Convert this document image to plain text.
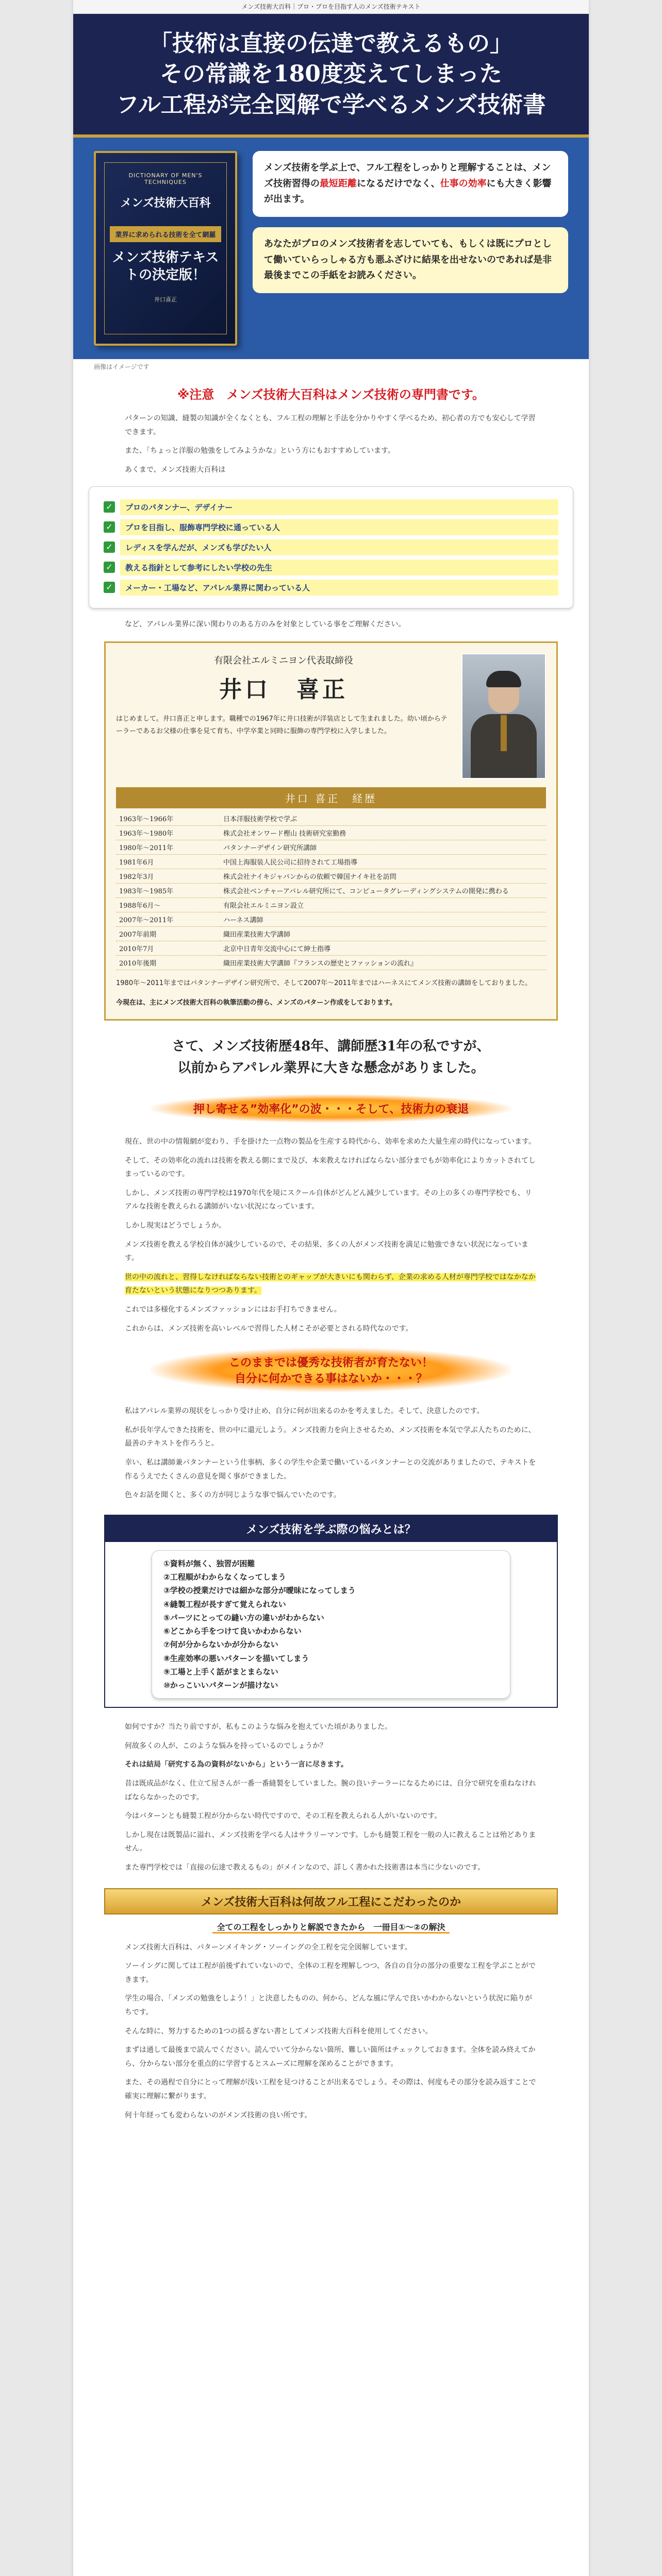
メンズ技術大百科｜プロ・プロを目指す人のメンズ技術テキスト
「技術は直接の伝達で教えるもの」
その常識を180度変えてしまった
フル工程が完全図解で学べるメンズ技術書
DICTIONARY OF MEN'S TECHNIQUES
メンズ技術大百科
業界に求められる技術を全て網羅
メンズ技術テキストの決定版！
井口喜正
メンズ技術を学ぶ上で、フル工程をしっかりと理解することは、メンズ技術習得の最短距離になるだけでなく、仕事の効率にも大きく影響が出ます。
あなたがプロのメンズ技術者を志していても、もしくは既にプロとして働いていらっしゃる方も悪ふざけに結果を出せないのであれば是非最後までこの手紙をお読みください。
画像はイメージです
※注意　メンズ技術大百科はメンズ技術の専門書です。

パターンの知識、縫製の知識が全くなくとも、フル工程の理解と手法を分かりやすく学べるため、初心者の方でも安心して学習できます。

また、「ちょっと洋服の勉強をしてみようかな」という方にもおすすめしています。

あくまで、メンズ技術大百科は

✓	プロのパタンナー、デザイナー
✓	プロを目指し、服飾専門学校に通っている人
✓	レディスを学んだが、メンズも学びたい人
✓	教える指針として参考にしたい学校の先生
✓	メーカー・工場など、アパレル業界に関わっている人

など、アパレル業界に深い関わりのある方のみを対象としている事をご理解ください。

有限会社エルミニヨン代表取締役
井口　喜正
はじめまして。井口喜正と申します。職種での1967年に井口技術が洋装店として生まれました。幼い頃からテーラーであるお父様の仕事を見て育ち、中学卒業と同時に服飾の専門学校に入学しました。
井口 喜正　経歴
1963年〜1966年	日本洋服技術学校で学ぶ
1963年〜1980年	株式会社オンワード樫山 技術研究室勤務
1980年〜2011年	パタンナーデザイン研究所講師
1981年6月	中国上海服装人民公司に招待されて工場指導
1982年3月	株式会社ナイキジャパンからの依頼で韓国ナイキ社を訪問
1983年〜1985年	株式会社ベンチャーアパレル研究所にて、コンピュータグレーディングシステムの開発に携わる
1988年6月〜	有限会社エルミニヨン設立
2007年〜2011年	ハーネス講師
2007年前期	織田産業技術大学講師
2010年7月	北京中日青年交流中心にて紳士指導
2010年後期	織田産業技術大学講師『フランスの歴史とファッションの流れ』
1980年〜2011年まではパタンナーデザイン研究所で、そして2007年〜2011年まではハーネスにてメンズ技術の講師をしておりました。
今現在は、主にメンズ技術大百科の執筆活動の傍ら、メンズのパターン作成をしております。
さて、メンズ技術歴48年、講師歴31年の私ですが、
以前からアパレル業界に大きな懸念がありました。
押し寄せる”効率化”の波・・・そして、技術力の衰退

現在、世の中の情報網が変わり、手を掛けた一点物の製品を生産する時代から、効率を求めた大量生産の時代になっています。

そして、その効率化の流れは技術を教える側にまで及び、本来教えなければならない部分までもが効率化によりカットされてしまっているのです。

しかし、メンズ技術の専門学校は1970年代を境にスクール自体がどんどん減少しています。その上の多くの専門学校でも、リアルな技術を教えられる講師がいない状況になっています。

しかし現実はどうでしょうか。

メンズ技術を教える学校自体が減少しているので、その結果、多くの人がメンズ技術を満足に勉強できない状況になっています。

世の中の流れと、習得しなければならない技術とのギャップが大きいにも関わらず、企業の求める人材が専門学校ではなかなか育たないという状態になりつつあります。

これでは多様化するメンズファッションにはお手打ちできません。

これからは、メンズ技術を高いレベルで習得した人材こそが必要とされる時代なのです。

このままでは優秀な技術者が育たない！
自分に何かできる事はないか・・・？

私はアパレル業界の現状をしっかり受け止め、自分に何が出来るのかを考えました。そして、決意したのです。

私が長年学んできた技術を、世の中に還元しよう。メンズ技術力を向上させるため、メンズ技術を本気で学ぶ人たちのために、最善のテキストを作ろうと。

幸い、私は講師兼パタンナーという仕事柄、多くの学生や企業で働いているパタンナーとの交流がありましたので、テキストを作るうえでたくさんの意見を聞く事ができました。

色々お話を聞くと、多くの方が同じような事で悩んでいたのです。

メンズ技術を学ぶ際の悩みとは？
①資料が無く、独習が困難
②工程順がわからなくなってしまう
③学校の授業だけでは細かな部分が曖昧になってしまう
④縫製工程が長すぎて覚えられない
⑤パーツにとっての縫い方の違いがわからない
⑥どこから手をつけて良いかわからない
⑦何が分からないかが分からない
⑧生産効率の悪いパターンを描いてしまう
⑨工場と上手く話がまとまらない
⑩かっこいいパターンが描けない

如何ですか？当たり前ですが、私もこのような悩みを抱えていた頃がありました。

何故多くの人が、このような悩みを持っているのでしょうか？

それは結局「研究する為の資料がないから」という一言に尽きます。

昔は既成品がなく、仕立て屋さんが一番一番縫製をしていました。腕の良いテーラーになるためには、自分で研究を重ねなければならなかったのです。

今はパターンとも縫製工程が分からない時代ですので、その工程を教えられる人がいないのです。

しかし現在は既製品に溢れ、メンズ技術を学べる人はサラリーマンです。しかも縫製工程を一般の人に教えることは殆どありません。

また専門学校では「直接の伝達で教えるもの」がメインなので、詳しく書かれた技術書は本当に少ないのです。

メンズ技術大百科は何故フル工程にこだわったのか
全ての工程をしっかりと解説できたから　一冊目①〜②の解決

メンズ技術大百科は、パターンメイキング・ソーイングの全工程を完全図解しています。

ソーイングに関しては工程が前後ずれていないので、全体の工程を理解しつつ、各自の自分の部分の重要な工程を学ぶことができます。

学生の場合、「メンズの勉強をしよう！」と決意したものの、何から、どんな風に学んで良いかわからないという状況に陥りがちです。

そんな時に、努力するための1つの揺るぎない書としてメンズ技術大百科を使用してください。

まずは通して最後まで読んでください。読んでいて分からない箇所、難しい箇所はチェックしておきます。全体を読み終えてから、分からない部分を重点的に学習するとスムーズに理解を深めることができます。

また、その過程で自分にとって理解が浅い工程を見つけることが出来るでしょう。その際は、何度もその部分を読み返すことで確実に理解に繋がります。

何十年経っても変わらないのがメンズ技術の良い所です。
